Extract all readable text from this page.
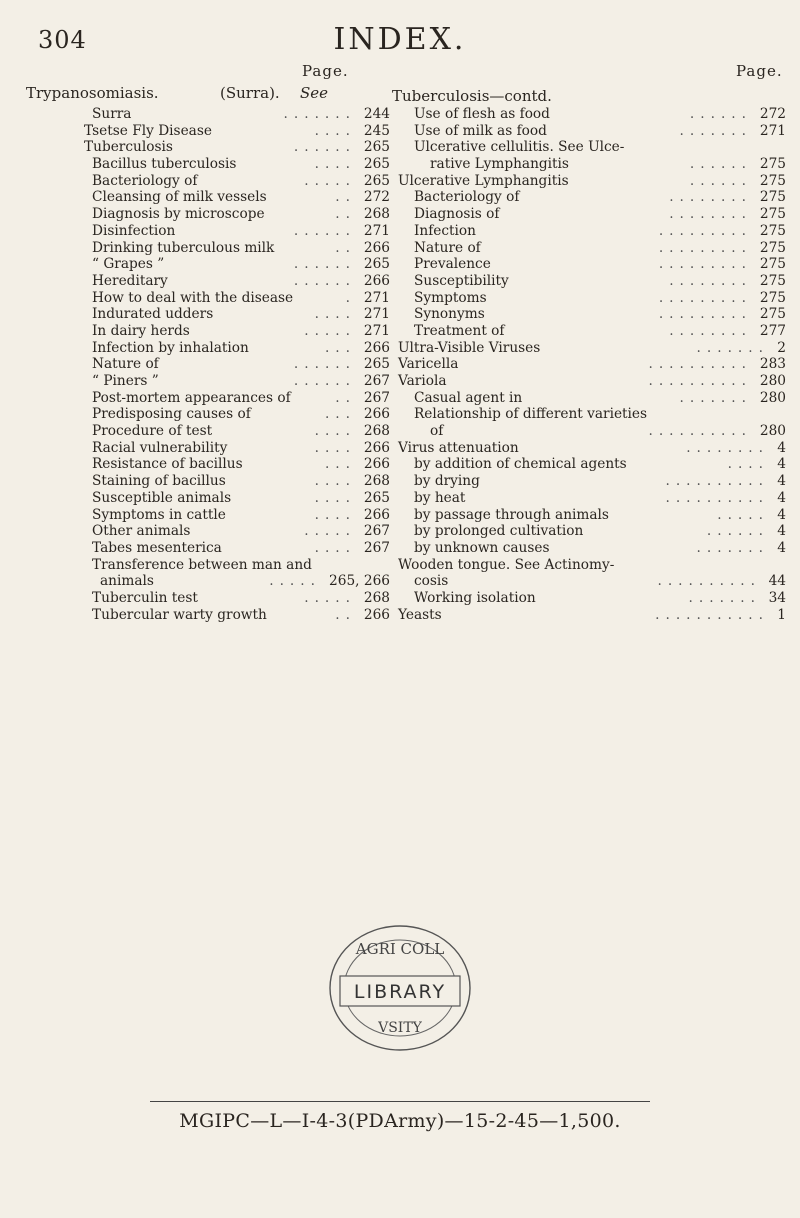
304	INDEX.
Page.	Page.
Trypanosomiasis.	(Surra). See
Surra	....... 244
Tsetse Fly Disease	.... 245
Tuberculosis	...... 265
Bacillus tuberculosis	.... 265
Bacteriology of	..... 265
Cleansing of milk vessels	.. 272
Diagnosis by microscope	.. 268
Disinfection	...... 271
Drinking tuberculous milk	.. 266
“ Grapes ”	...... 265
Hereditary	...... 266
How to deal with the disease	. 271
Indurated udders	.... 271
In dairy herds	..... 271
Infection by inhalation	... 266
Nature of	...... 265
“ Piners ”	...... 267
Post-mortem appearances of	.. 267
Predisposing causes of	... 266
Procedure of test	.... 268
Racial vulnerability	.... 266
Resistance of bacillus	... 266
Staining of bacillus	.... 268
Susceptible animals	.... 265
Symptoms in cattle	.... 266
Other animals	..... 267
Tabes mesenterica	.... 267
Transference between man and
animals	..... 265, 266
Tuberculin test	..... 268
Tubercular warty growth	.. 266
Tuberculosis—contd.
Use of flesh as food	...... 272
Use of milk as food	....... 271
Ulcerative cellulitis. See Ulce-
rative Lymphangitis	...... 275
Ulcerative Lymphangitis	...... 275
Bacteriology of	........ 275
Diagnosis of	........ 275
Infection	......... 275
Nature of	......... 275
Prevalence	......... 275
Susceptibility	........ 275
Symptoms	......... 275
Synonyms	......... 275
Treatment of	........ 277
Ultra-Visible Viruses	....... 2
Varicella	.......... 283
Variola	.......... 280
Casual agent in	....... 280
Relationship of different varieties
of	.......... 280
Virus attenuation	........ 4
by addition of chemical agents	.... 4
by drying	.......... 4
by heat	.......... 4
by passage through animals	..... 4
by prolonged cultivation	...... 4
by unknown causes	....... 4
Wooden tongue. See Actinomy-
cosis	.......... 44
Working isolation	....... 34
Yeasts	........... 1
AGRI COLL
LIBRARY
VSITY
MGIPC—L—I-4-3(PDArmy)—15-2-45—1,500.
